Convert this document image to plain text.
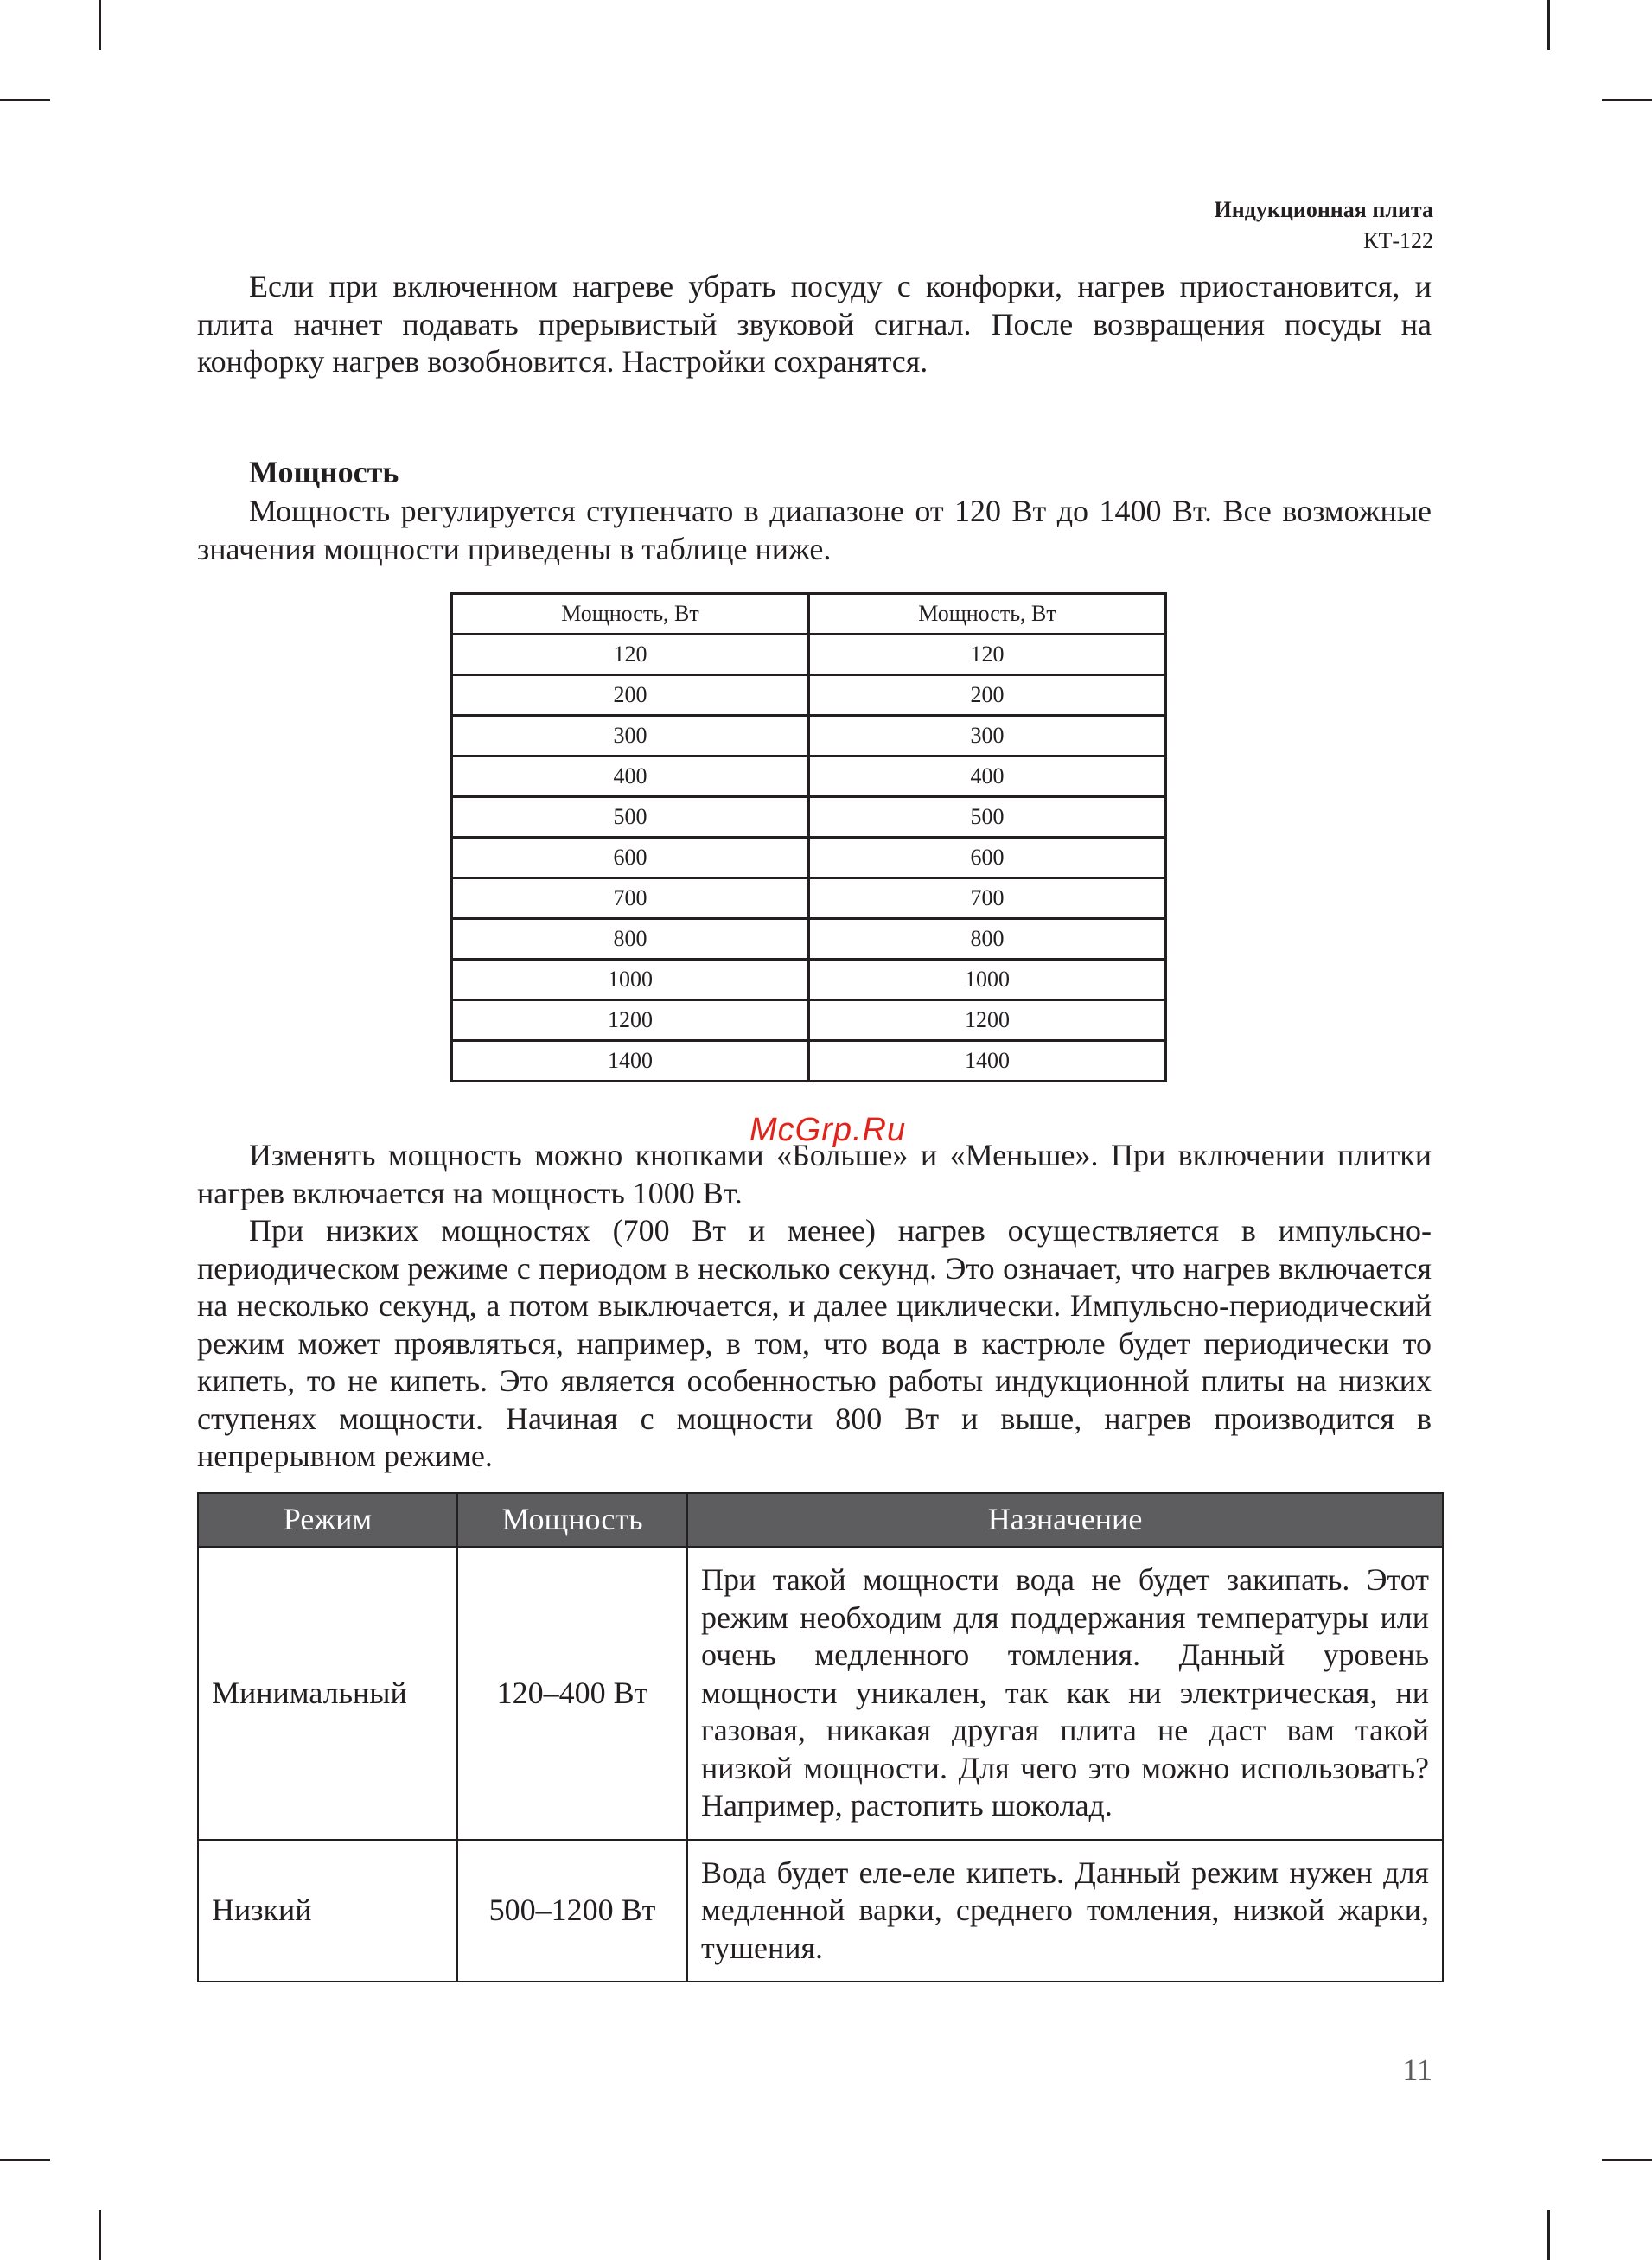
Индукционная плита
КТ-122

Если при включенном нагреве убрать посуду с конфорки, нагрев приостановится, и плита начнет подавать прерывистый звуковой сигнал. После возвращения посуды на конфорку нагрев возобновится. Настройки сохранятся.

Мощность

Мощность регулируется ступенчато в диапазоне от 120 Вт до 1400 Вт. Все возможные значения мощности приведены в таблице ниже.

Мощность, Вт	Мощность, Вт
120	120
200	200
300	300
400	400
500	500
600	600
700	700
800	800
1000	1000
1200	1200
1400	1400

Изменять мощность можно кнопками «Больше» и «Меньше». При включении плитки нагрев включается на мощность 1000 Вт.

При низких мощностях (700 Вт и менее) нагрев осуществляется в импульсно-периодическом режиме с периодом в несколько секунд. Это означает, что нагрев включается на несколько секунд, а потом выключается, и далее циклически. Импульсно-периодический режим может проявляться, например, в том, что вода в кастрюле будет периодически то кипеть, то не кипеть. Это является особенностью работы индукционной плиты на низких ступенях мощности. Начиная с мощности 800 Вт и выше, нагрев производится в непрерывном режиме.

McGrp.Ru
Режим	Мощность	Назначение
Минимальный	120–400 Вт	При такой мощности вода не будет закипать. Этот режим необходим для поддержания температуры или очень медленного томления. Данный уровень мощности уникален, так как ни электрическая, ни газовая, никакая другая плита не даст вам такой низкой мощности. Для чего это можно использовать? Например, растопить шоколад.
Низкий	500–1200 Вт	Вода будет еле-еле кипеть. Данный режим нужен для медленной варки, среднего томления, низкой жарки, тушения.
11
